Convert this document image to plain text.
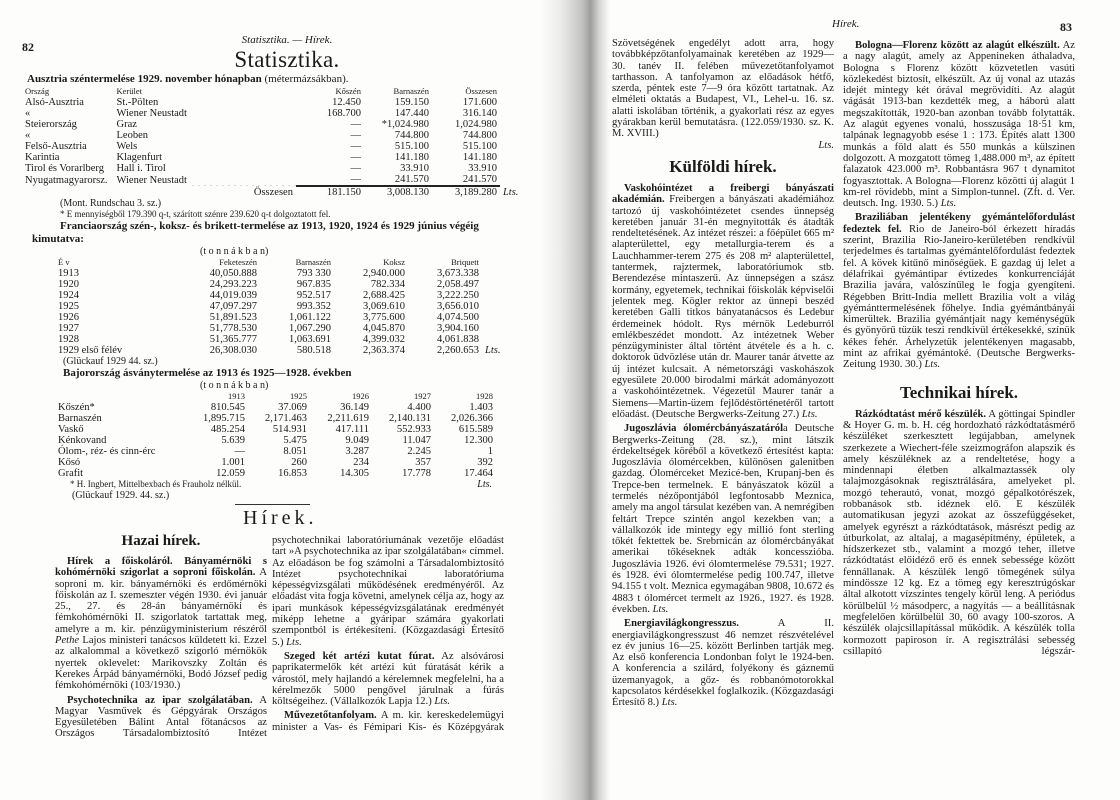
82	Statisztika. — Hírek.
Statisztika.
Ausztria széntermelése 1929. november hónapban (métermázsákban).
Ország	Kerület		Kőszén	Barnaszén	Összesen	
Alsó-Ausztria	St.-Pölten		12.450	159.150	171.600	
«	Wiener Neustadt		168.700	147.440	316.140	
Steierország	Graz		—	*1,024.980	1,024.980	
«	Leoben		—	744.800	744.800	
Felső-Ausztria	Wels		—	515.100	515.100	
Karintia	Klagenfurt		—	141.180	141.180	
Tirol és Vorarlberg	Hall i. Tirol		—	33.910	33.910	
Nyugatmagyarorsz.	Wiener Neustadt		—	241.570	241.570	
		Összesen	181.150	3,008.130	3,189.280	Lts.
(Mont. Rundschau 3. sz.)
* E mennyiségből 179.390 q-t, szárított szénre 239.620 q-t dolgoztatott fel.
Franciaország szén-, koksz- és brikett-termelése az 1913, 1920, 1924 és 1929 június végéig kimutatva:
(t o n n á k b a n)
É v	Feketeszén	Barnaszén	Koksz	Briquett	
1913	40,050.888	793 330	2,940.000	3,673.338	
1920	24,293.223	967.835	782.334	2,058.497	
1924	44,019.039	952.517	2,688.425	3,222.250	
1925	47,097.297	993.352	3,069.610	3,656.010	
1926	51,891.523	1,061.122	3,775.600	4,074.500	
1927	51,778.530	1,067.290	4,045.870	3,904.160	
1928	51,365.777	1,063.691	4,399.032	4,061.838	
1929 első félév	26,308.030	580.518	2,363.374	2,260.653	Lts.
(Glückauf 1929 44. sz.)
Bajorország ásványtermelése az 1913 és 1925—1928. években
(t o n n á k b a n)
	1913	1925	1926	1927	1928
Kőszén*	810.545	37.069	36.149	4.400	1.403
Barnaszén	1,895.715	2,171.463	2,211.619	2,140.131	2,026.366
Vaskő	485.254	514.931	417.111	552.933	615.589
Kénkovand	5.639	5.475	9.049	11.047	12.300
Ólom-, réz- és cinn-érc	—	8.051	3.287	2.245	1
Kősó	1.001	260	234	357	392
Grafit	12.059	16.853	14.305	17.778	17.464
* H. Ingbert, Mittelbexbach és Frauholz nélkül.	Lts.
(Glückauf 1929. 44. sz.)
Hírek.
Hazai hírek.

Hírek a főiskoláról. Bányamérnöki s kohómérnöki szigorlat a soproni főiskolán. A soproni m. kir. bányamérnöki és erdőmérnöki főiskolán az I. szemeszter végén 1930. évi január 25., 27. és 28-án bányamérnöki és fémkohómérnöki II. szigorlatok tartattak meg, amelyre a m. kir. pénzügyministerium részéről Pethe Lajos ministeri tanácsos küldetett ki. Ezzel az alkalommal a következő szigorló mérnökök nyertek oklevelet: Marikovszky Zoltán és Kerekes Árpád bányamérnöki, Bodó József pedig fémkohómérnöki (103/1930.)

Psychotechnika az ipar szolgálatában. A Magyar Vasművek és Gépgyárak Országos Egyesületében Bálint Antal főtanácsos az Országos Társadalombiztosító Intézet

psychotechnikai laboratóriumának vezetője előadást tart »A psychotechnika az ipar szolgálatában« címmel. Az előadáson be fog számolni a Társadalombiztosító Intézet psychotechnikai laboratóriuma képességvizsgálati működésének eredményéről. Az előadást vita fogja követni, amelynek célja az, hogy az ipari munkások képességvizsgálatának eredményét miképp lehetne a gyáripar számára gyakorlati szempontból is értékesíteni. (Közgazdasági Értesítő 5.) Lts.

Szeged két artézi kutat fúrat. Az alsóvárosi paprikatermelők két artézi kút fúratását kérik a várostól, mely hajlandó a kérelemnek megfelelni, ha a kérelmezők 5000 pengővel járulnak a fúrás költségeihez. (Vállalkozók Lapja 12.) Lts.

Művezetőtanfolyam. A m. kir. kereskedelemügyi minister a Vas- és Fémipari Kis- és Középgyárak

Hírek.	83

Szövetségének engedélyt adott arra, hogy továbbképzőtanfolyamainak keretében az 1929—30. tanév II. felében művezetőtanfolyamot tarthasson. A tanfolyamon az előadások hétfő, szerda, péntek este 7—9 óra között tartatnak. Az elméleti oktatás a Budapest, VI., Lehel-u. 16. sz. alatti iskolában történik, a gyakorlati rész az egyes gyárakban kerül bemutatásra. (122.059/1930. sz. K. M. XVIII.)

Lts.
Külföldi hírek.

Vaskohóintézet a freibergi bányászati akadémián. Freibergen a bányászati akadémiához tartozó új vaskohóintézetet csendes ünnepség keretében január 31-én megnyitották és átadták rendeltetésének. Az intézet részei: a főépület 665 m² alapterülettel, egy metallurgia-terem és a Lauchhammer-terem 275 és 208 m² alapterülettel, tantermek, rajztermek, laboratóriumok stb. Berendezése mintaszerű. Az ünnepségen a szász kormány, egyetemek, technikai főiskolák képviselői jelentek meg. Kögler rektor az ünnepi beszéd keretében Galli titkos bányatanácsos és Ledebur érdemeinek hódolt. Rys mérnök Ledeburról emlékbeszédet mondott. Az intézetnek Weber pénzügyminister által történt átvétele és a h. c. doktorok üdvözlése után dr. Maurer tanár átvette az új intézet kulcsait. A németországi vaskohászok egyesülete 20.000 birodalmi márkát adományozott a vaskohóintézetnek. Végezetül Maurer tanár a Siemens—Martin-üzem fejlődéstörténetéről tartott előadást. (Deutsche Bergwerks-Zeitung 27.) Lts.

Jugoszlávia ólomércbányászatáróla Deutsche Bergwerks-Zeitung (28. sz.), mint látszik érdekeltségek köréből a következő értesítést kapta: Jugoszlávia ólomércekben, különösen galenitben gazdag. Ólomérceket Mezicé-ben, Krupanj-ben és Trepce-ben termelnek. E bányászatok közül a termelés nézőpontjából legfontosabb Meznica, amely ma angol társulat kezében van. A nemrégiben feltárt Trepce szintén angol kezekben van; a vállalkozók ide mintegy egy millió font sterling tőkét fektettek be. Srebrnicán az ólomércbányákat amerikai tőkéseknek adták koncesszióba. Jugoszlávia 1926. évi ólomtermelése 79.531; 1927. és 1928. évi ólomtermelése pedig 100.747, illetve 94.155 t volt. Meznica egymagában 9808, 10.672 és 4883 t ólomércet termelt az 1926., 1927. és 1928. években. Lts.

Energiavilágkongresszus.	A II. energiavilágkongresszust 46 nemzet részvételével ez év junius 16—25. között Berlinben tartják meg. Az első konferencia Londonban folyt le 1924-ben. A konferencia a szilárd, folyékony és gáznemű üzemanyagok, a gőz- és robbanómotorokkal kapcsolatos kérdésekkel foglalkozik. (Közgazdasági Értesítő 8.) Lts.

Bologna—Florenz között az alagút elkészült. Az a nagy alagút, amely az Appenineken áthaladva, Bologna s Florenz között közvetetlen vasúti közlekedést biztosít, elkészült. Az új vonal az utazás idejét mintegy két órával megrövidíti. Az alagút vágását 1913-ban kezdették meg, a háború alatt megszakították, 1920-ban azonban tovább folytatták. Az alagút egyenes vonalú, hosszusága 18·51 km, talpának legnagyobb esése 1 : 173. Építés alatt 1300 munkás a föld alatt és 550 munkás a külszinen dolgozott. A mozgatott tömeg 1,488.000 m³, az épített falazatok 423.000 m³. Robbantásra 967 t dynamitot fogyasztottak. A Bologna—Florenz közötti új alagút 1 km-rel rövidebb, mint a Simplon-tunnel. (Zft. d. Ver. deutsch. Ing. 1930. 5.) Lts.

Braziliában jelentékeny gyémántelőfordulást fedeztek fel. Rio de Janeiro-ból érkezett híradás szerint, Brazilia Rio-Janeiro-kerületében rendkívül terjedelmes és tartalmas gyémántelőfordulást fedeztek fel. A kövek kitűnő minőségűek. E gazdag új lelet a délafrikai gyémántipar évtizedes konkurrenciáját Brazilia javára, valószínűleg le fogja gyengíteni. Régebben Britt-India mellett Brazilia volt a világ gyémánttermelésének főhelye. India gyémántbányái kimerültek. Brazilia gyémántjait nagy keménységük és gyönyörű tüzük teszi rendkívül értékesekké, színük kékes fehér. Árhelyzetük jelentékenyen magasabb, mint az afrikai gyémántoké. (Deutsche Bergwerks-Zeitung 1930. 30.) Lts.

Technikai hírek.

Rázkódtatást mérő készülék. A göttingai Spindler & Hoyer G. m. b. H. cég hordozható rázkódtatásmérő készüléket szerkesztett legújabban, amelynek szerkezete a Wiechert-féle szeizmográfon alapszik és amely készüléknek az a rendeltetése, hogy a mindennapi életben alkalmaztassék oly talajmozgásoknak regisztrálására, amelyeket pl. mozgó teherautó, vonat, mozgó gépalkotórészek, robbanások stb. idéznek elő. E készülék automatikusan jegyzi azokat az összefüggéseket, amelyek egyrészt a rázkódtatások, másrészt pedig az útburkolat, az altalaj, a magasépítmény, épületek, a hídszerkezet stb., valamint a mozgó teher, illetve rázkódtatást előidéző erő és ennek sebessége között fennállanak. A készülék lengő tömegének súlya mindössze 12 kg. Ez a tömeg egy keresztrúgóskar által alkotott vízszintes tengely körül leng. A periódus körülbelül ½ másodperc, a nagyítás — a beállításnak megfelelően körülbelül 30, 60 avagy 100-szoros. A készülék olajcsillapítással működik. A készülék tolla kormozott papiroson ír. A regisztrálási sebesség csillapító légszár-
